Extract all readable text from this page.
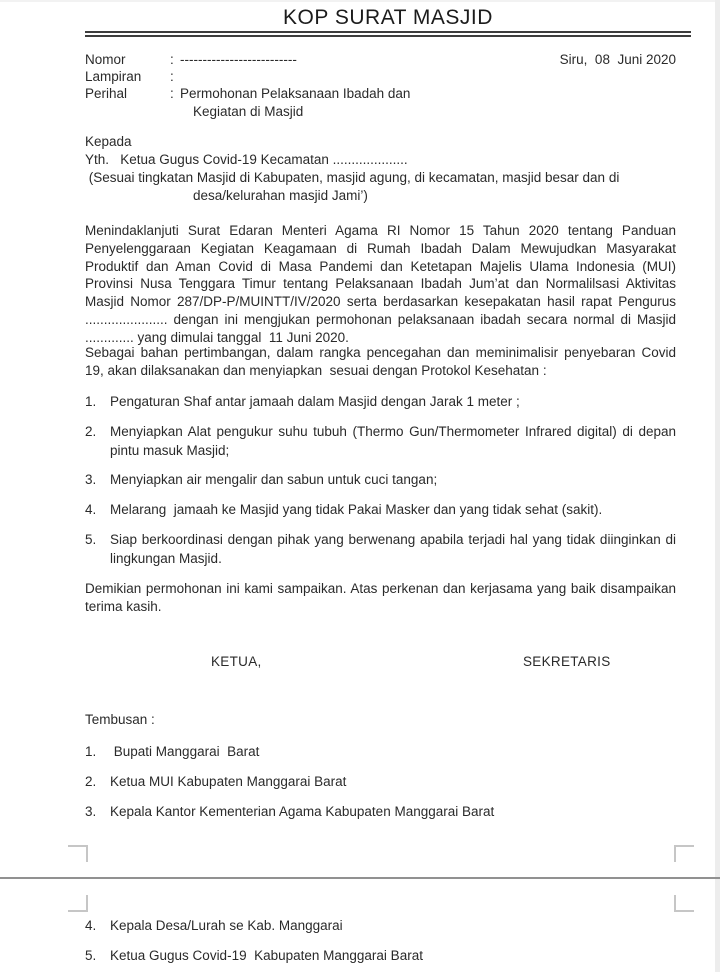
KOP SURAT MASJID
Nomor	: --------------------------
Lampiran	:
Perihal	: Permohonan Pelaksanaan Ibadah dan
Kegiatan di Masjid
Siru,  08  Juni 2020
Kepada
Yth.   Ketua Gugus Covid-19 Kecamatan ....................
(Sesuai tingkatan Masjid di Kabupaten, masjid agung, di kecamatan, masjid besar dan di
desa/kelurahan masjid Jami’)
Menindaklanjuti Surat Edaran Menteri Agama RI Nomor 15 Tahun 2020 tentang Panduan Penyelenggaraan Kegiatan Keagamaan di Rumah Ibadah Dalam Mewujudkan Masyarakat Produktif dan Aman Covid di Masa Pandemi dan Ketetapan Majelis Ulama Indonesia (MUI) Provinsi Nusa Tenggara Timur tentang Pelaksanaan Ibadah Jum’at dan Normalilsasi Aktivitas Masjid Nomor 287/DP-P/MUINTT/IV/2020 serta berdasarkan kesepakatan hasil rapat Pengurus ...................... dengan ini mengjukan permohonan pelaksanaan ibadah secara normal di Masjid  ............. yang dimulai tanggal  11 Juni 2020.
Sebagai bahan pertimbangan, dalam rangka pencegahan dan meminimalisir penyebaran Covid 19, akan dilaksanakan dan menyiapkan  sesuai dengan Protokol Kesehatan :
1.	Pengaturan Shaf antar jamaah dalam Masjid dengan Jarak 1 meter ;
2.	Menyiapkan Alat pengukur suhu tubuh (Thermo Gun/Thermometer Infrared digital) di depan pintu masuk Masjid;
3.	Menyiapkan air mengalir dan sabun untuk cuci tangan;
4.	Melarang  jamaah ke Masjid yang tidak Pakai Masker dan yang tidak sehat (sakit).
5.	Siap berkoordinasi dengan pihak yang berwenang apabila terjadi hal yang tidak diinginkan di lingkungan Masjid.
Demikian permohonan ini kami sampaikan. Atas perkenan dan kerjasama yang baik disampaikan terima kasih.
KETUA,	SEKRETARIS
Tembusan :
1.	Bupati Manggarai  Barat
2.	Ketua MUI Kabupaten Manggarai Barat
3.	Kepala Kantor Kementerian Agama Kabupaten Manggarai Barat
4.	Kepala Desa/Lurah se Kab. Manggarai
5.	Ketua Gugus Covid-19  Kabupaten Manggarai Barat
